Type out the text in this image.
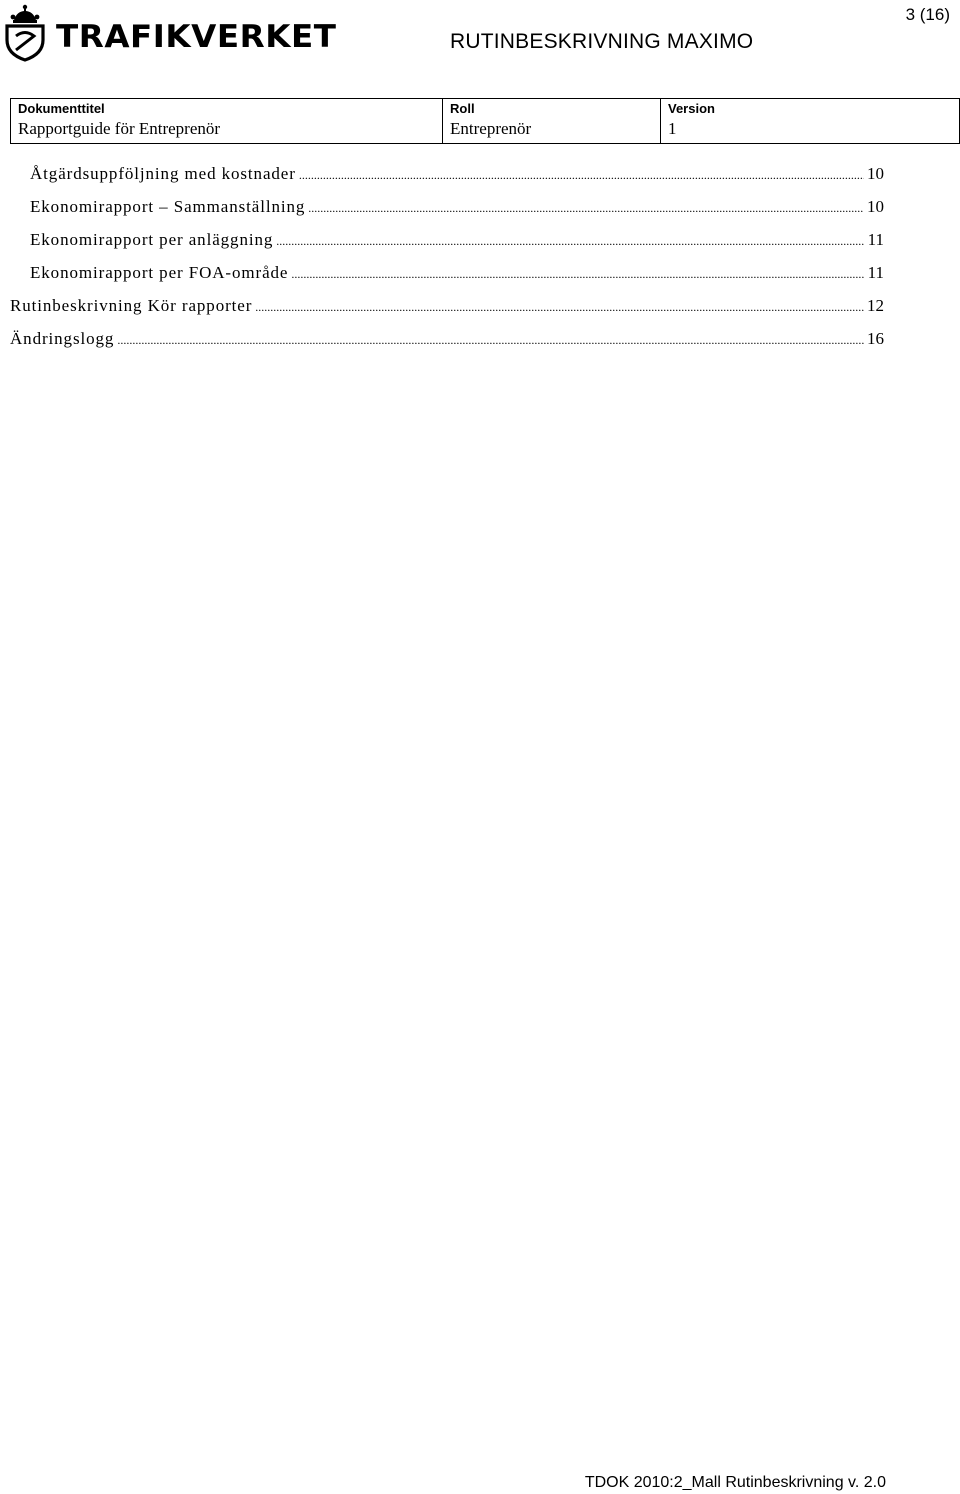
TRAFIKVERKET
3 (16)
RUTINBESKRIVNING MAXIMO
Dokumenttitel
Rapportguide för Entreprenör

Roll
Entreprenör

Version
1
Åtgärdsuppföljning med kostnader .....	10
Ekonomirapport – Sammanställning .....	10
Ekonomirapport per anläggning .....	11
Ekonomirapport per FOA-område .....	11
Rutinbeskrivning Kör rapporter .....	12
Ändringslogg .....	16
TDOK 2010:2_Mall Rutinbeskrivning v. 2.0
